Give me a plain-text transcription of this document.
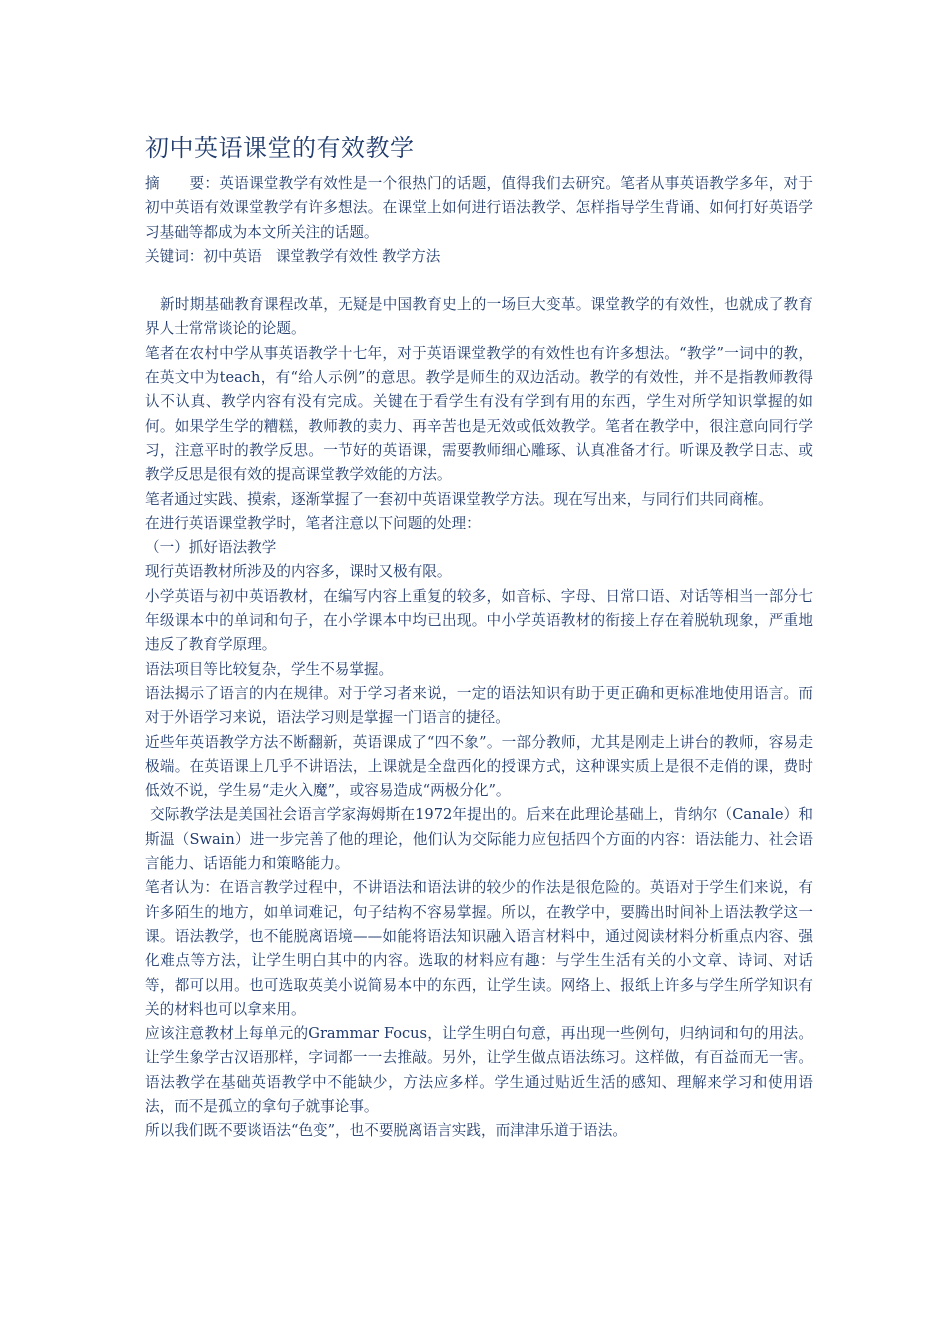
初中英语课堂的有效教学

摘　　要：英语课堂教学有效性是一个很热门的话题，值得我们去研究。笔者从事英语教学多年，对于初中英语有效课堂教学有许多想法。在课堂上如何进行语法教学、怎样指导学生背诵、如何打好英语学习基础等都成为本文所关注的话题。

关键词：初中英语 课堂教学有效性 教学方法

新时期基础教育课程改革，无疑是中国教育史上的一场巨大变革。课堂教学的有效性，也就成了教育界人士常常谈论的论题。

笔者在农村中学从事英语教学十七年，对于英语课堂教学的有效性也有许多想法。“教学”一词中的教，在英文中为teach，有“给人示例”的意思。教学是师生的双边活动。教学的有效性，并不是指教师教得认不认真、教学内容有没有完成。关键在于看学生有没有学到有用的东西，学生对所学知识掌握的如何。如果学生学的糟糕，教师教的卖力、再辛苦也是无效或低效教学。笔者在教学中，很注意向同行学习，注意平时的教学反思。一节好的英语课，需要教师细心雕琢、认真准备才行。听课及教学日志、或教学反思是很有效的提高课堂教学效能的方法。

笔者通过实践、摸索，逐渐掌握了一套初中英语课堂教学方法。现在写出来，与同行们共同商榷。

在进行英语课堂教学时，笔者注意以下问题的处理：

（一）抓好语法教学

现行英语教材所涉及的内容多，课时又极有限。

小学英语与初中英语教材，在编写内容上重复的较多，如音标、字母、日常口语、对话等相当一部分七年级课本中的单词和句子，在小学课本中均已出现。中小学英语教材的衔接上存在着脱轨现象，严重地违反了教育学原理。

语法项目等比较复杂，学生不易掌握。

语法揭示了语言的内在规律。对于学习者来说，一定的语法知识有助于更正确和更标准地使用语言。而对于外语学习来说，语法学习则是掌握一门语言的捷径。

近些年英语教学方法不断翻新，英语课成了“四不象”。一部分教师，尤其是刚走上讲台的教师，容易走极端。在英语课上几乎不讲语法，上课就是全盘西化的授课方式，这种课实质上是很不走俏的课，费时低效不说，学生易“走火入魔”，或容易造成“两极分化”。

交际教学法是美国社会语言学家海姆斯在1972年提出的。后来在此理论基础上，肯纳尔（Canale）和斯温（Swain）进一步完善了他的理论，他们认为交际能力应包括四个方面的内容：语法能力、社会语言能力、话语能力和策略能力。

笔者认为：在语言教学过程中，不讲语法和语法讲的较少的作法是很危险的。英语对于学生们来说，有许多陌生的地方，如单词难记，句子结构不容易掌握。所以，在教学中，要腾出时间补上语法教学这一课。语法教学，也不能脱离语境——如能将语法知识融入语言材料中，通过阅读材料分析重点内容、强化难点等方法，让学生明白其中的内容。选取的材料应有趣：与学生生活有关的小文章、诗词、对话等，都可以用。也可选取英美小说简易本中的东西，让学生读。网络上、报纸上许多与学生所学知识有关的材料也可以拿来用。

应该注意教材上每单元的Grammar Focus，让学生明白句意，再出现一些例句，归纳词和句的用法。让学生象学古汉语那样，字词都一一去推敲。另外，让学生做点语法练习。这样做，有百益而无一害。语法教学在基础英语教学中不能缺少，方法应多样。学生通过贴近生活的感知、理解来学习和使用语法，而不是孤立的拿句子就事论事。

所以我们既不要谈语法“色变”，也不要脱离语言实践，而津津乐道于语法。
